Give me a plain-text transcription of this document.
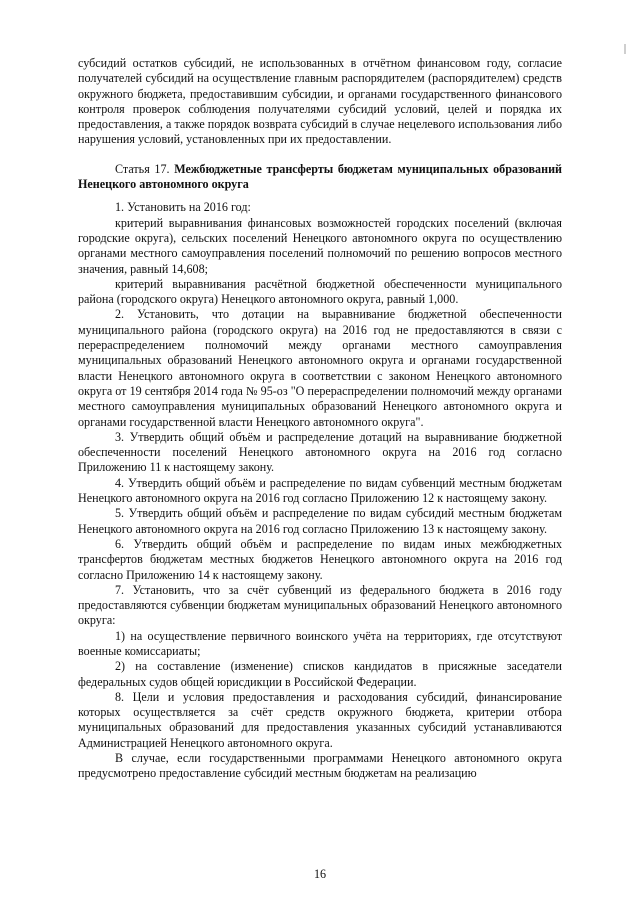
субсидий остатков субсидий, не использованных в отчётном финансовом году, согласие получателей субсидий на осуществление главным распорядителем (распорядителем) средств окружного бюджета, предоставившим субсидии, и органами государственного финансового контроля проверок соблюдения получателями субсидий условий, целей и порядка их предоставления, а также порядок возврата субсидий в случае нецелевого использования либо нарушения условий, установленных при их предоставлении.

Статья 17. Межбюджетные трансферты бюджетам муниципальных образований Ненецкого автономного округа

1. Установить на 2016 год:

критерий выравнивания финансовых возможностей городских поселений (включая городские округа), сельских поселений Ненецкого автономного округа по осуществлению органами местного самоуправления поселений полномочий по решению вопросов местного значения, равный 14,608;

критерий выравнивания расчётной бюджетной обеспеченности муниципального района (городского округа) Ненецкого автономного округа, равный 1,000.

2. Установить, что дотации на выравнивание бюджетной обеспеченности муниципального района (городского округа) на 2016 год не предоставляются в связи с перераспределением полномочий между органами местного самоуправления муниципальных образований Ненецкого автономного округа и органами государственной власти Ненецкого автономного округа в соответствии с законом Ненецкого автономного округа от 19 сентября 2014 года № 95-оз "О перераспределении полномочий между органами местного самоуправления муниципальных образований Ненецкого автономного округа и органами государственной власти Ненецкого автономного округа".

3. Утвердить общий объём и распределение дотаций на выравнивание бюджетной обеспеченности поселений Ненецкого автономного округа на 2016 год согласно Приложению 11 к настоящему закону.

4. Утвердить общий объём и распределение по видам субвенций местным бюджетам Ненецкого автономного округа на 2016 год согласно Приложению 12 к настоящему закону.

5. Утвердить общий объём и распределение по видам субсидий местным бюджетам Ненецкого автономного округа на 2016 год согласно Приложению 13 к настоящему закону.

6. Утвердить общий объём и распределение по видам иных межбюджетных трансфертов бюджетам местных бюджетов Ненецкого автономного округа на 2016 год согласно Приложению 14 к настоящему закону.

7. Установить, что за счёт субвенций из федерального бюджета в 2016 году предоставляются субвенции бюджетам муниципальных образований Ненецкого автономного округа:

1) на осуществление первичного воинского учёта на территориях, где отсутствуют военные комиссариаты;

2) на составление (изменение) списков кандидатов в присяжные заседатели федеральных судов общей юрисдикции в Российской Федерации.

8. Цели и условия предоставления и расходования субсидий, финансирование которых осуществляется за счёт средств окружного бюджета, критерии отбора муниципальных образований для предоставления указанных субсидий устанавливаются Администрацией Ненецкого автономного округа.

В случае, если государственными программами Ненецкого автономного округа предусмотрено предоставление субсидий местным бюджетам на реализацию

16
